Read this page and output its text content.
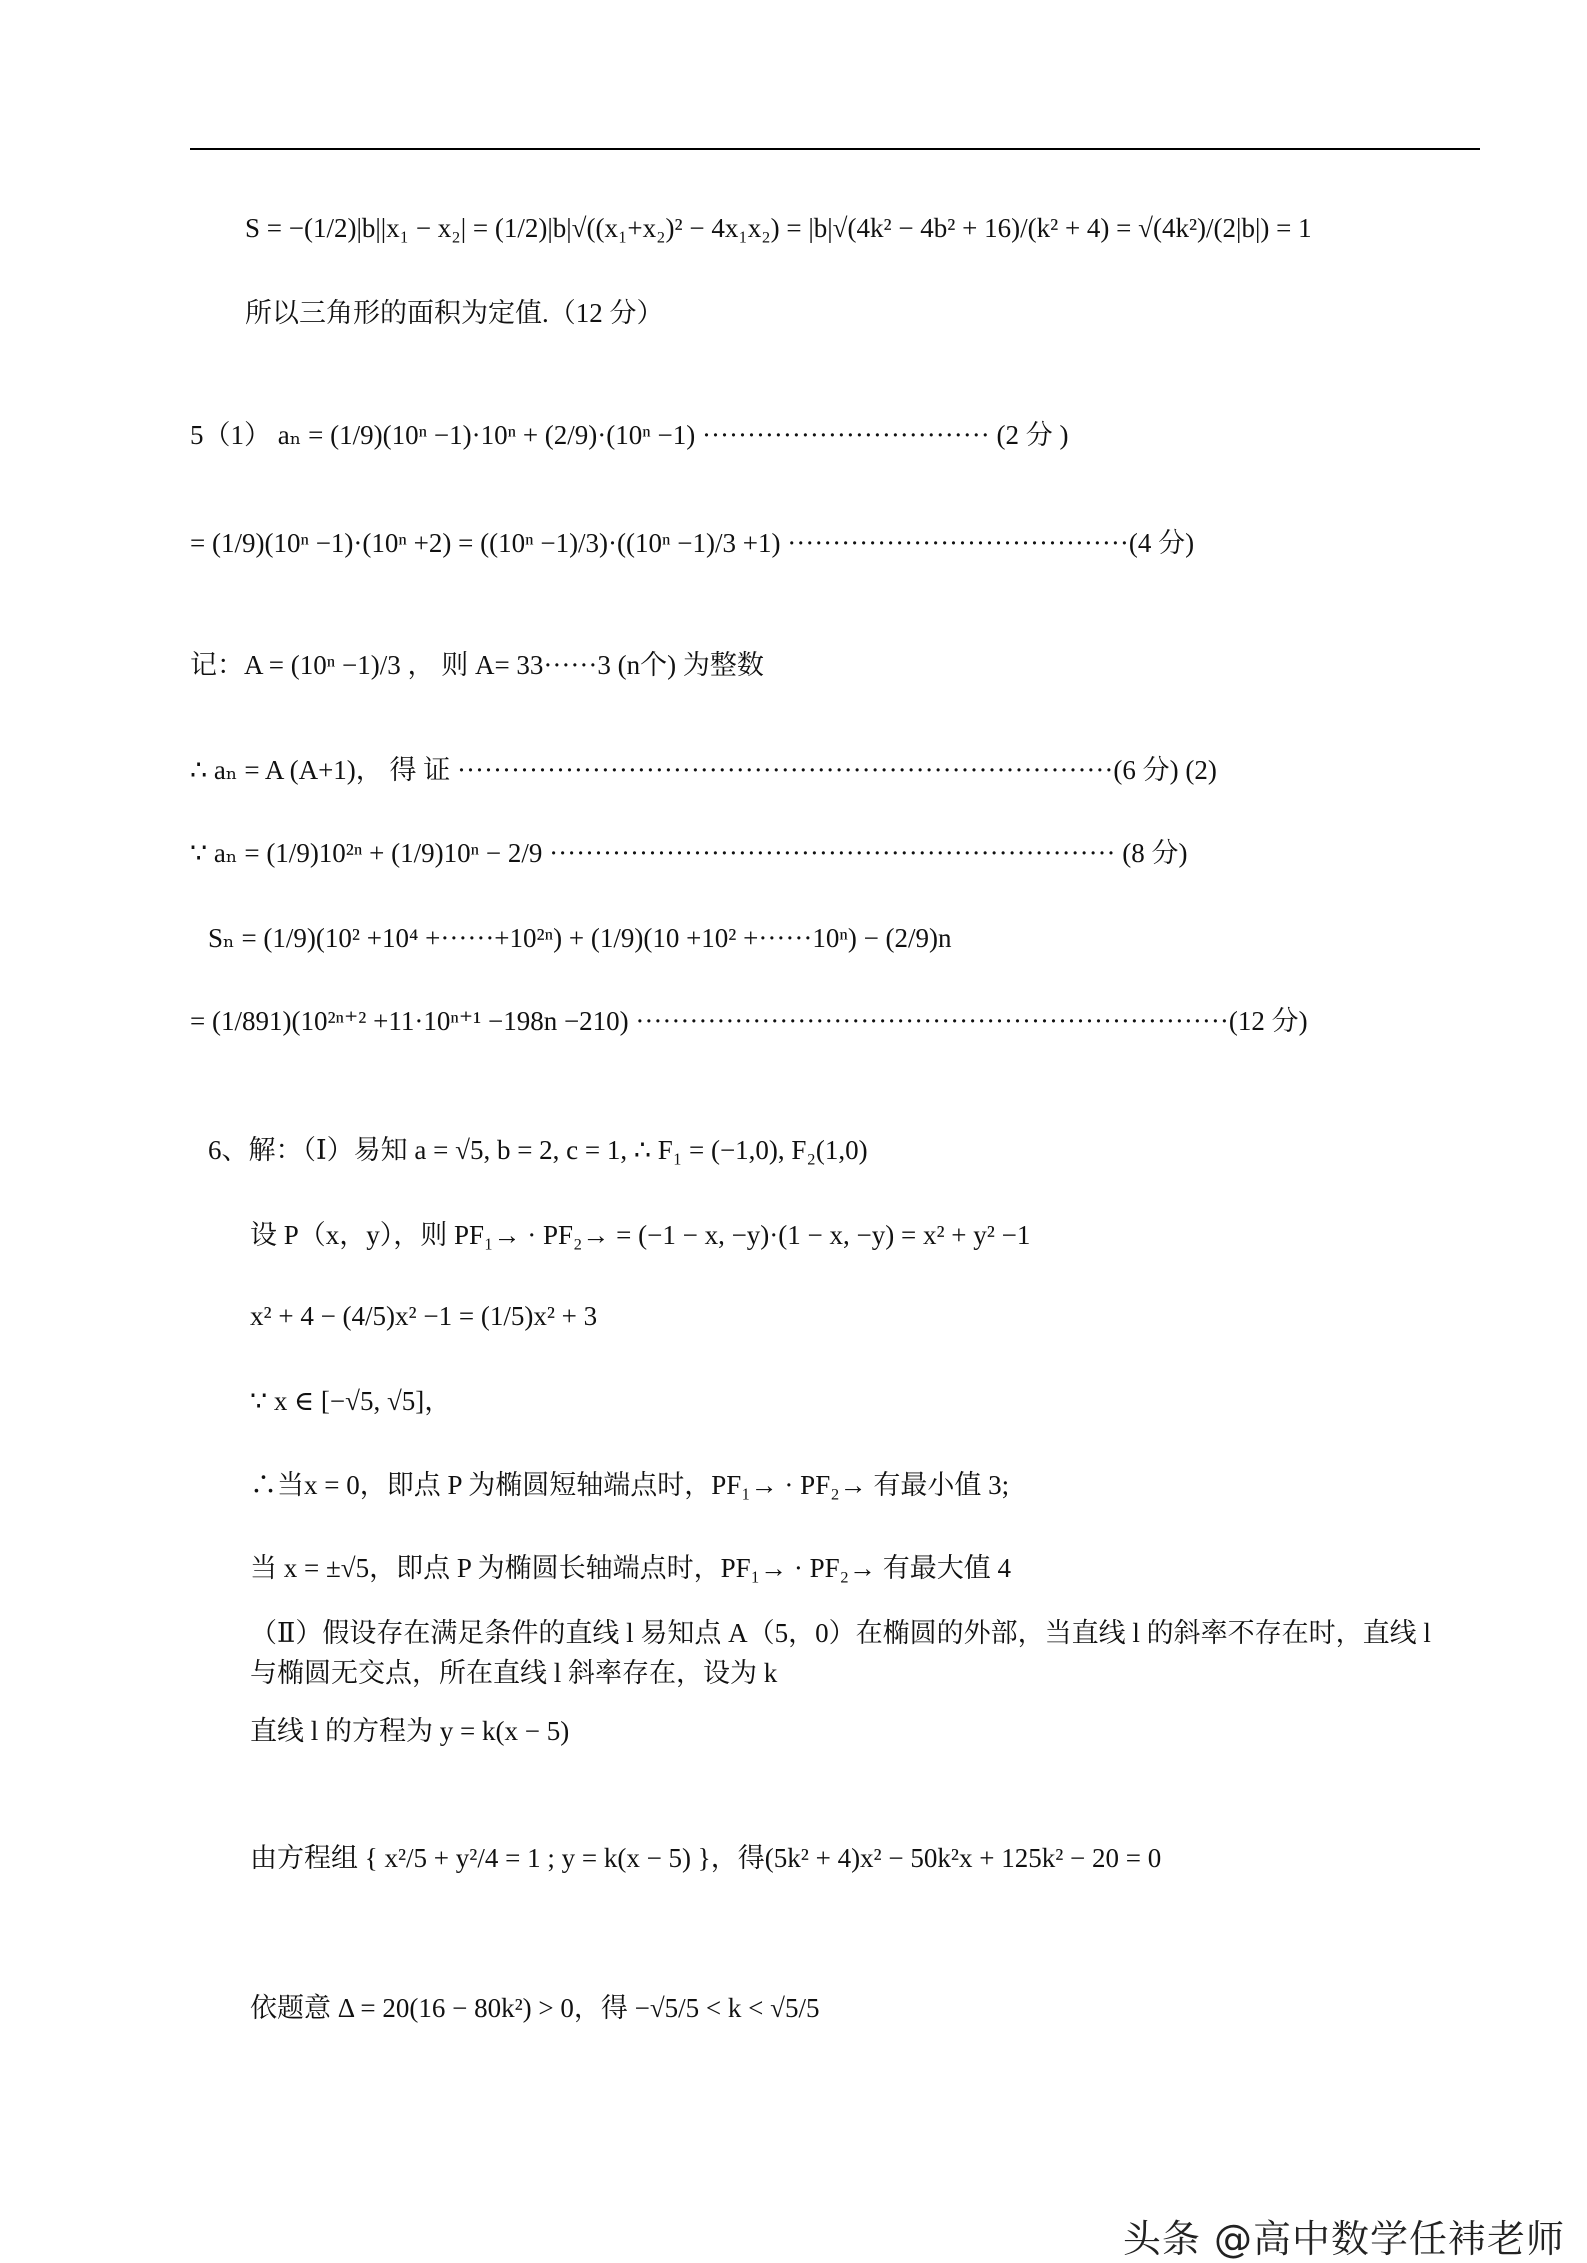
S = −(1/2)|b||x₁ − x₂| = (1/2)|b|√((x₁+x₂)² − 4x₁x₂) = |b|√(4k² − 4b² + 16)/(k² + 4) = √(4k²)/(2|b|) = 1
所以三角形的面积为定值.（12 分）
5（1） aₙ = (1/9)(10ⁿ −1)·10ⁿ + (2/9)·(10ⁿ −1) ································ (2 分 )
= (1/9)(10ⁿ −1)·(10ⁿ +2) = ((10ⁿ −1)/3)·((10ⁿ −1)/3 +1) ······································(4 分)
记：A = (10ⁿ −1)/3 ， 则 A= 33······3 (n个) 为整数
∴ aₙ = A (A+1)， 得 证 ·········································································(6 分) (2)
∵ aₙ = (1/9)10²ⁿ + (1/9)10ⁿ − 2/9 ······························································· (8 分)
Sₙ = (1/9)(10² +10⁴ +······+10²ⁿ) + (1/9)(10 +10² +······10ⁿ) − (2/9)n
= (1/891)(10²ⁿ⁺² +11·10ⁿ⁺¹ −198n −210) ··································································(12 分)
6、解：（Ⅰ）易知 a = √5, b = 2, c = 1, ∴ F₁ = (−1,0), F₂(1,0)
设 P（x，y），则 PF₁→ · PF₂→ = (−1 − x, −y)·(1 − x, −y) = x² + y² −1
x² + 4 − (4/5)x² −1 = (1/5)x² + 3
∵ x ∈ [−√5, √5]，
∴当x = 0，即点 P 为椭圆短轴端点时，PF₁→ · PF₂→ 有最小值 3;
当 x = ±√5，即点 P 为椭圆长轴端点时，PF₁→ · PF₂→ 有最大值 4
（Ⅱ）假设存在满足条件的直线 l 易知点 A（5，0）在椭圆的外部，当直线 l 的斜率不存在时，直线 l
与椭圆无交点，所在直线 l 斜率存在，设为 k
直线 l 的方程为 y = k(x − 5)
由方程组 { x²/5 + y²/4 = 1 ; y = k(x − 5) }，得(5k² + 4)x² − 50k²x + 125k² − 20 = 0
依题意 Δ = 20(16 − 80k²) > 0，得 −√5/5 < k < √5/5
头条 @高中数学任袆老师
